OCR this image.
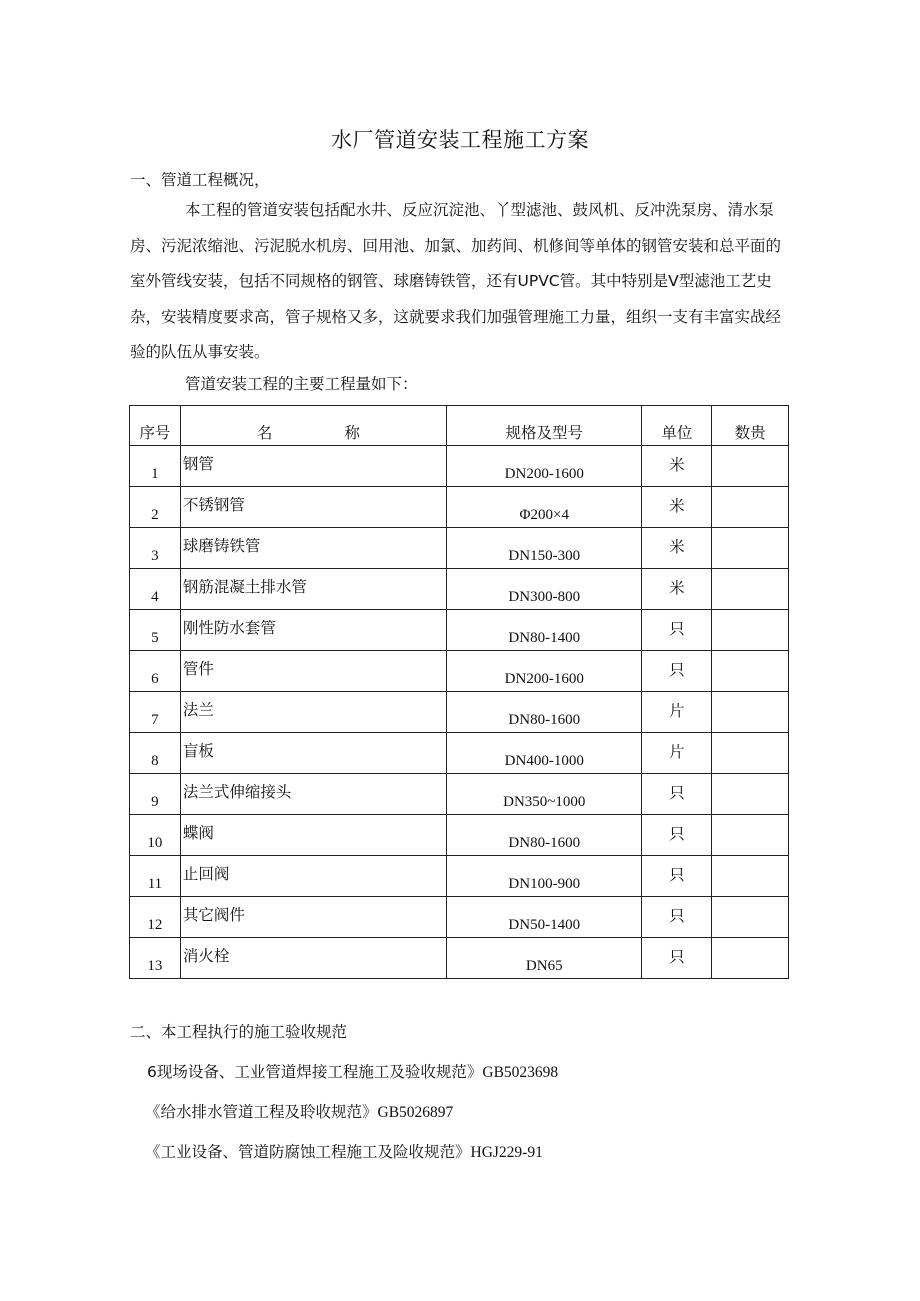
水厂管道安装工程施工方案
一、管道工程概况，

本工程的管道安装包括配水井、反应沉淀池、丫型滤池、鼓风机、反冲洗泵房、清水泵房、污泥浓缩池、污泥脱水机房、回用池、加氯、加药间、机修间等单体的钢管安装和总平面的室外管线安装，包括不同规格的钢管、球磨铸铁管，还有UPVC管。其中特别是V型滤池工艺史杂，安装精度要求高，管子规格又多，这就要求我们加强管理施工力量，组织一支有丰富实战经验的队伍从事安装。

管道安装工程的主要工程量如下：
序号	名 称	规格及型号	单位	数贵
1	钢管	DN200-1600	米	
2	不锈钢管	Φ200×4	米	
3	球磨铸铁管	DN150-300	米	
4	钢筋混凝土排水管	DN300-800	米	
5	刚性防水套管	DN80-1400	只	
6	管件	DN200-1600	只	
7	法兰	DN80-1600	片	
8	盲板	DN400-1000	片	
9	法兰式伸缩接头	DN350~1000	只	
10	蝶阀	DN80-1600	只	
11	止回阀	DN100-900	只	
12	其它阀件	DN50-1400	只	
13	消火栓	DN65	只	
二、本工程执行的施工验收规范
6现场设备、工业管道焊接工程施工及验收规范》GB5023698
《给水排水管道工程及聆收规范》GB5026897
《工业设备、管道防腐蚀工程施工及险收规范》HGJ229-91
